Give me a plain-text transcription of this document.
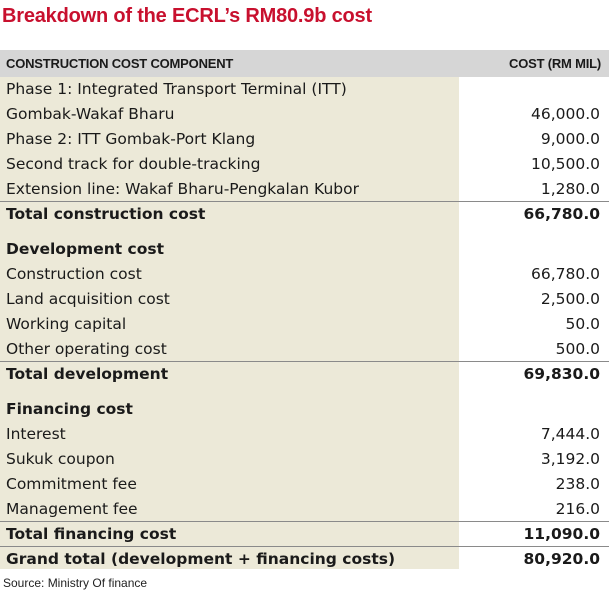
Breakdown of the ECRL’s RM80.9b cost
CONSTRUCTION COST COMPONENT	COST (RM MIL)
Phase 1: Integrated Transport Terminal (ITT)
Gombak-Wakaf Bharu	46,000.0
Phase 2: ITT Gombak-Port Klang	9,000.0
Second track for double-tracking	10,500.0
Extension line: Wakaf Bharu-Pengkalan Kubor	1,280.0
Total construction cost	66,780.0
Development cost
Construction cost	66,780.0
Land acquisition cost	2,500.0
Working capital	50.0
Other operating cost	500.0
Total development	69,830.0
Financing cost
Interest	7,444.0
Sukuk coupon	3,192.0
Commitment fee	238.0
Management fee	216.0
Total financing cost	11,090.0
Grand total (development + financing costs)	80,920.0
Source: Ministry Of finance
